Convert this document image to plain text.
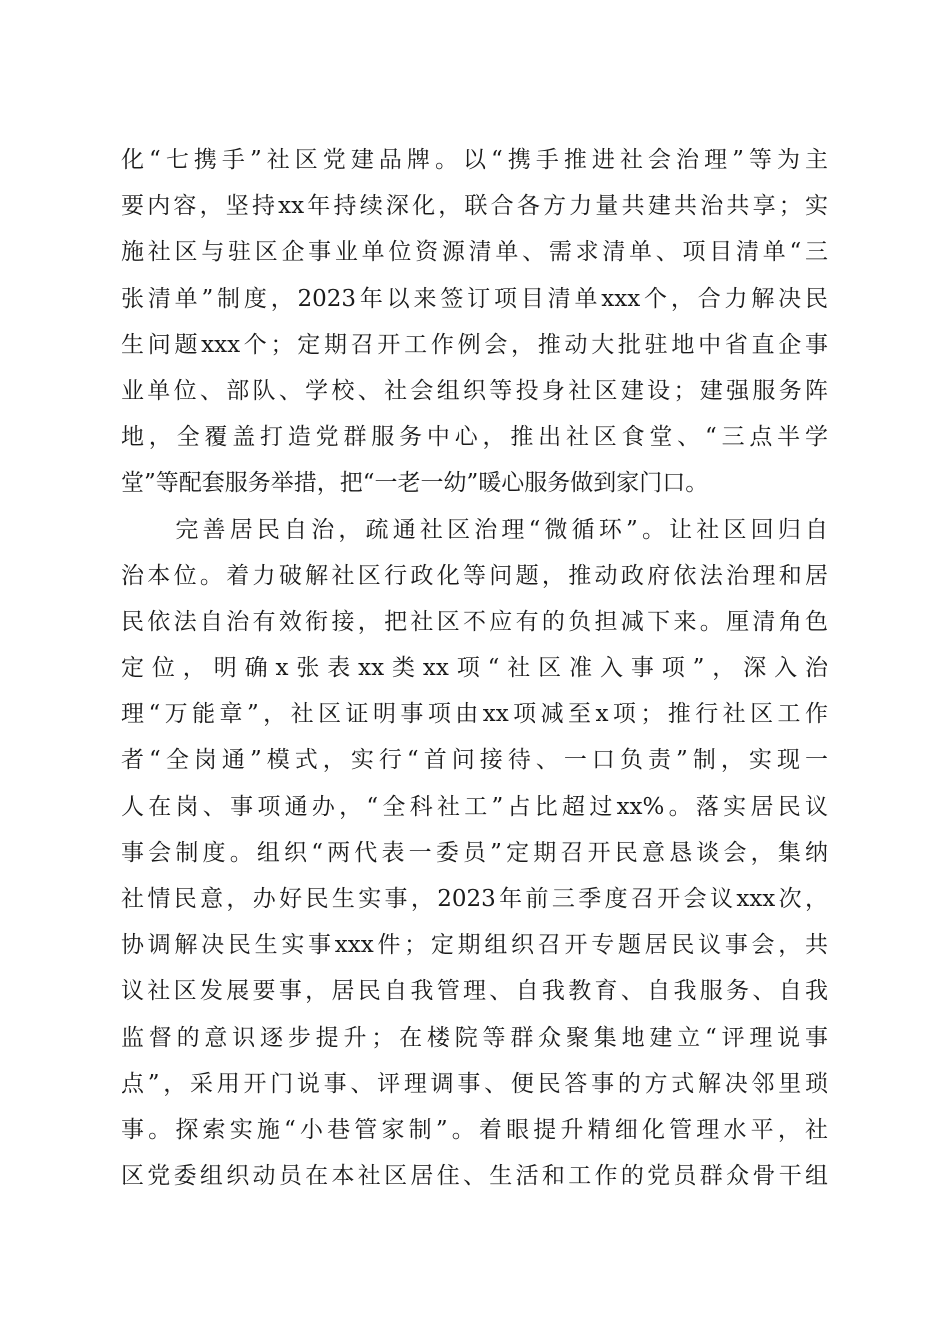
化“七携手”社区党建品牌。以“携手推进社会治理”等为主
要内容，坚持xx年持续深化，联合各方力量共建共治共享；实
施社区与驻区企事业单位资源清单、需求清单、项目清单“三
张清单”制度，2023年以来签订项目清单xxx个，合力解决民
生问题xxx个；定期召开工作例会，推动大批驻地中省直企事
业单位、部队、学校、社会组织等投身社区建设；建强服务阵
地，全覆盖打造党群服务中心，推出社区食堂、“三点半学
堂”等配套服务举措，把“一老一幼”暖心服务做到家门口。
　　完善居民自治，疏通社区治理“微循环”。让社区回归自
治本位。着力破解社区行政化等问题，推动政府依法治理和居
民依法自治有效衔接，把社区不应有的负担减下来。厘清角色
定位，明确x张表xx类xx项“社区准入事项”，深入治
理“万能章”，社区证明事项由xx项减至x项；推行社区工作
者“全岗通”模式，实行“首问接待、一口负责”制，实现一
人在岗、事项通办，“全科社工”占比超过xx%。落实居民议
事会制度。组织“两代表一委员”定期召开民意恳谈会，集纳
社情民意，办好民生实事，2023年前三季度召开会议xxx次，
协调解决民生实事xxx件；定期组织召开专题居民议事会，共
议社区发展要事，居民自我管理、自我教育、自我服务、自我
监督的意识逐步提升；在楼院等群众聚集地建立“评理说事
点”，采用开门说事、评理调事、便民答事的方式解决邻里琐
事。探索实施“小巷管家制”。着眼提升精细化管理水平，社
区党委组织动员在本社区居住、生活和工作的党员群众骨干组
